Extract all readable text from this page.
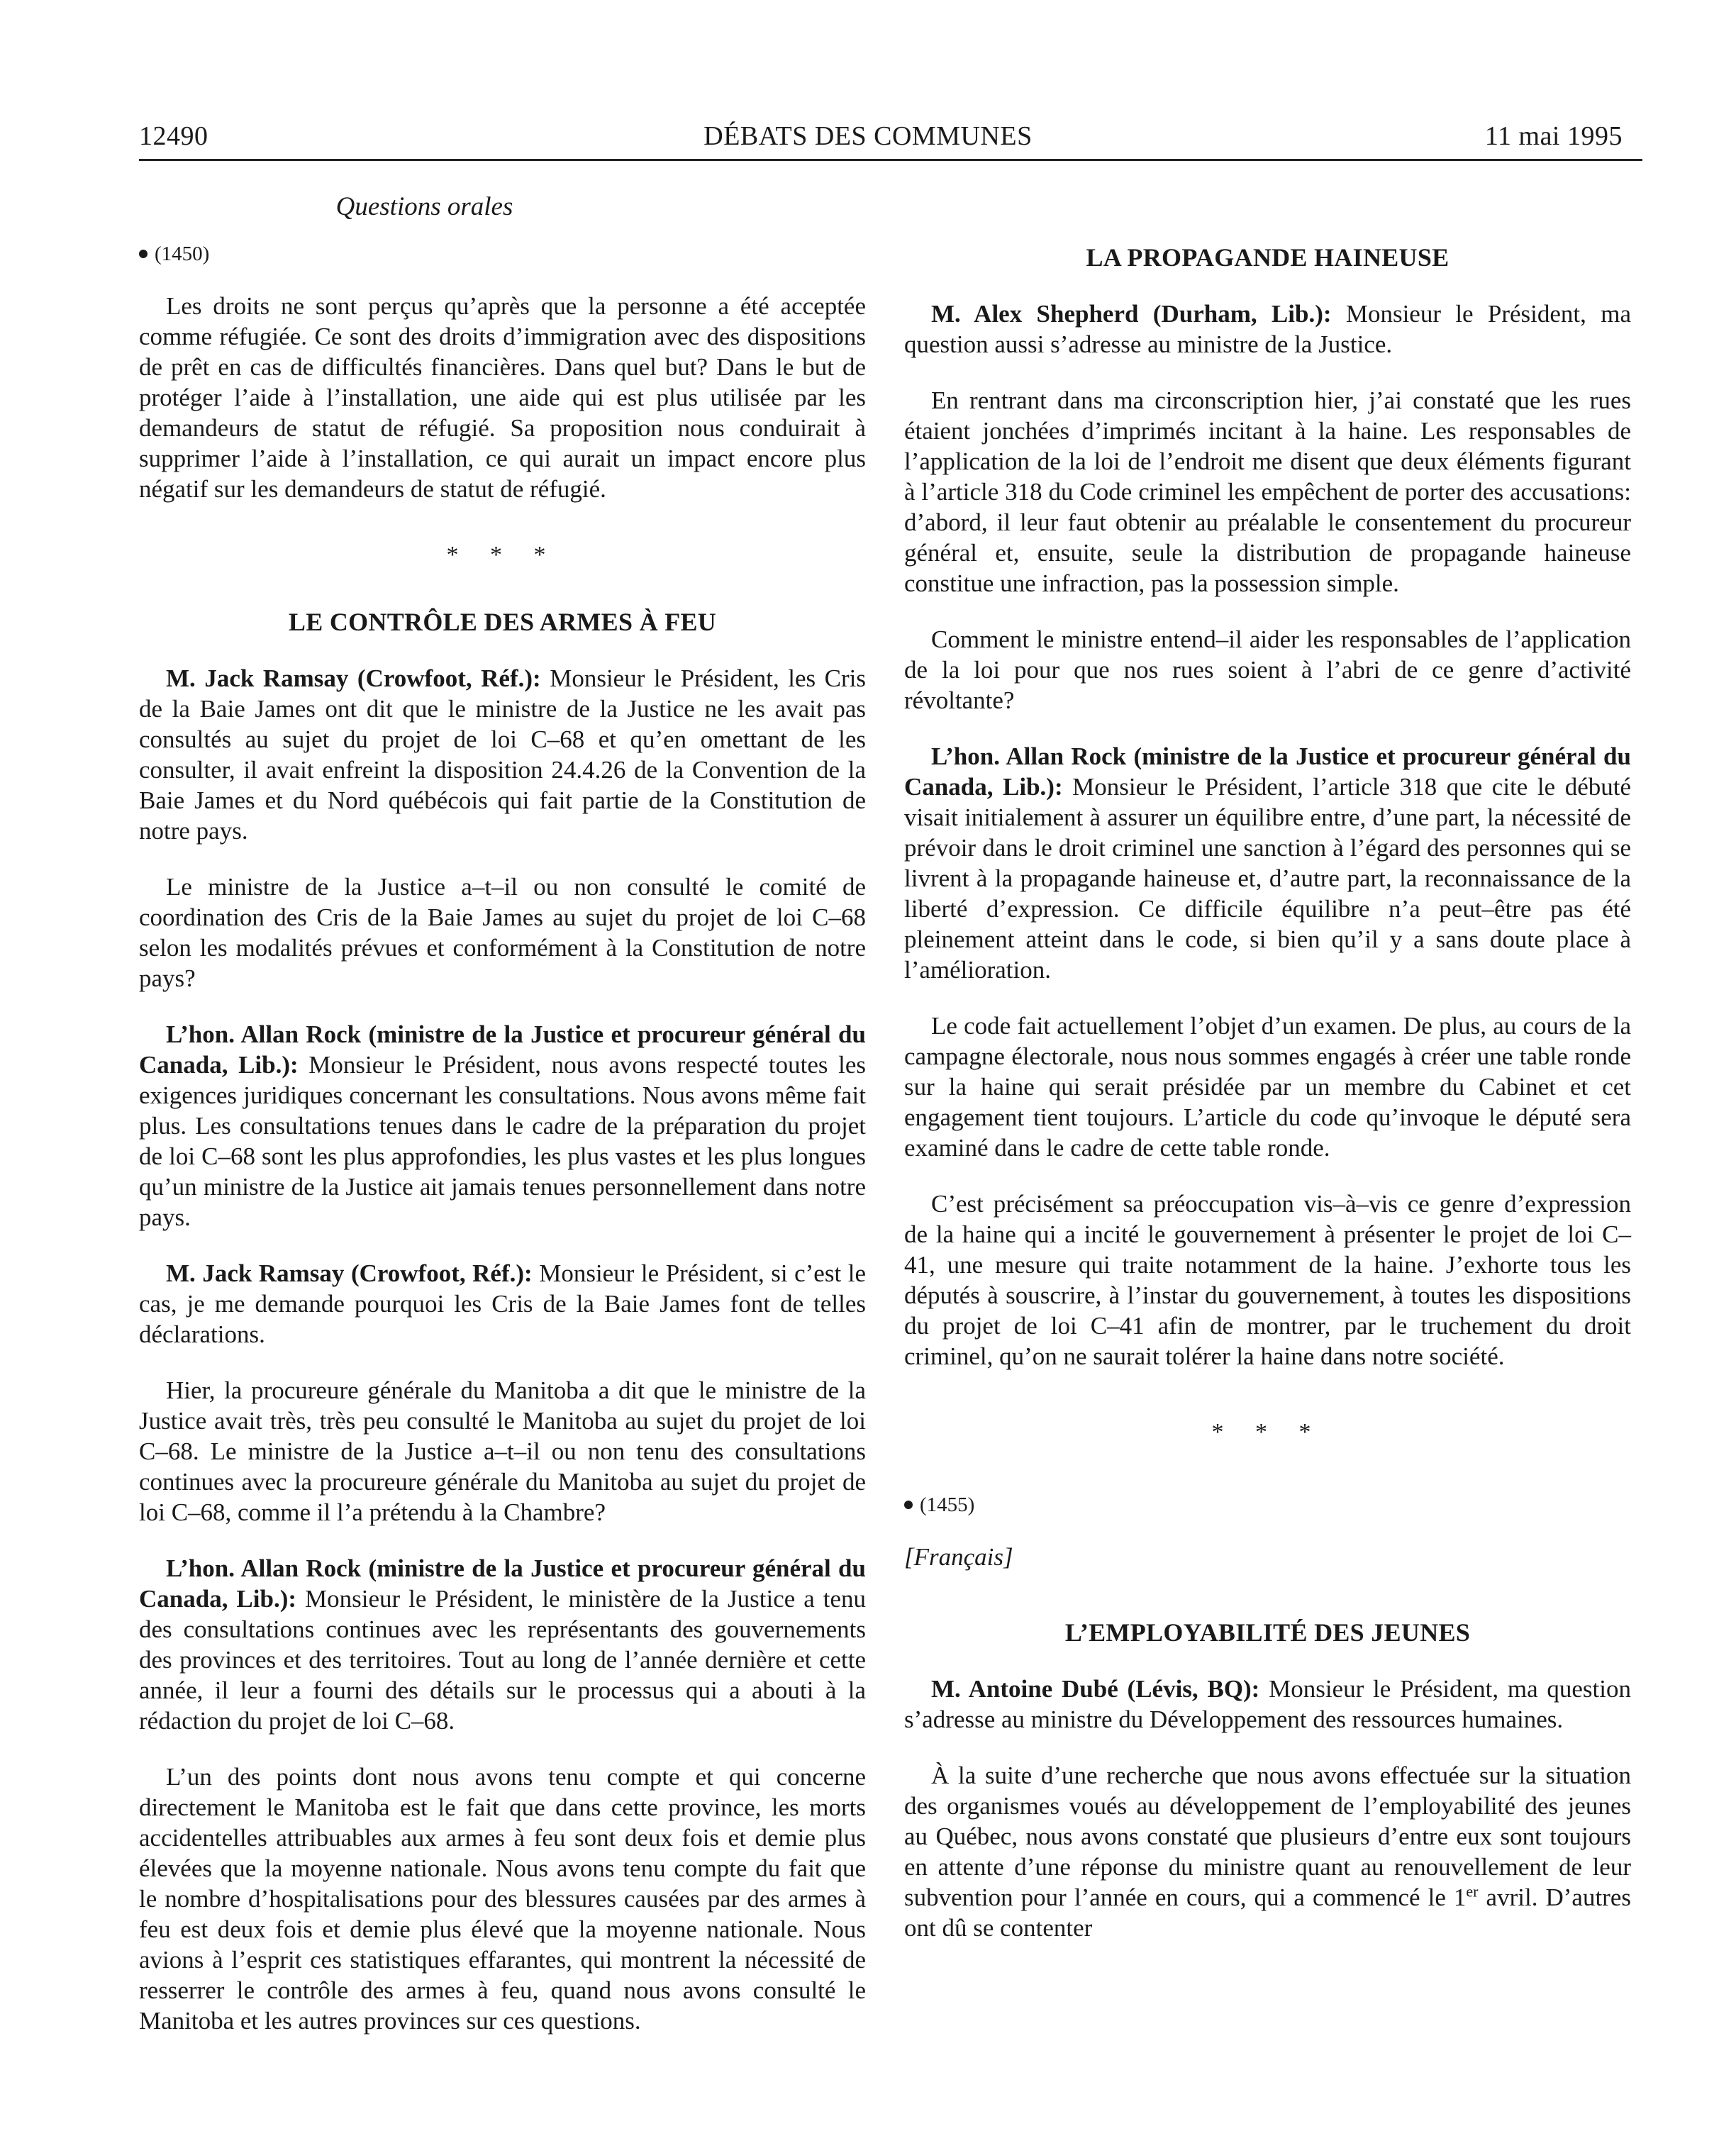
12490	DÉBATS DES COMMUNES	11 mai 1995
Questions orales
(1450)

Les droits ne sont perçus qu’après que la personne a été acceptée comme réfugiée. Ce sont des droits d’immigration avec des dispositions de prêt en cas de difficultés financières. Dans quel but? Dans le but de protéger l’aide à l’installation, une aide qui est plus utilisée par les demandeurs de statut de réfugié. Sa proposition nous conduirait à supprimer l’aide à l’installation, ce qui aurait un impact encore plus négatif sur les demandeurs de statut de réfugié.

* * *
LE CONTRÔLE DES ARMES À FEU

M. Jack Ramsay (Crowfoot, Réf.): Monsieur le Président, les Cris de la Baie James ont dit que le ministre de la Justice ne les avait pas consultés au sujet du projet de loi C–68 et qu’en omettant de les consulter, il avait enfreint la disposition 24.4.26 de la Convention de la Baie James et du Nord québécois qui fait partie de la Constitution de notre pays.

Le ministre de la Justice a–t–il ou non consulté le comité de coordination des Cris de la Baie James au sujet du projet de loi C–68 selon les modalités prévues et conformément à la Constitution de notre pays?

L’hon. Allan Rock (ministre de la Justice et procureur général du Canada, Lib.): Monsieur le Président, nous avons respecté toutes les exigences juridiques concernant les consultations. Nous avons même fait plus. Les consultations tenues dans le cadre de la préparation du projet de loi C–68 sont les plus approfondies, les plus vastes et les plus longues qu’un ministre de la Justice ait jamais tenues personnellement dans notre pays.

M. Jack Ramsay (Crowfoot, Réf.): Monsieur le Président, si c’est le cas, je me demande pourquoi les Cris de la Baie James font de telles déclarations.

Hier, la procureure générale du Manitoba a dit que le ministre de la Justice avait très, très peu consulté le Manitoba au sujet du projet de loi C–68. Le ministre de la Justice a–t–il ou non tenu des consultations continues avec la procureure générale du Manitoba au sujet du projet de loi C–68, comme il l’a prétendu à la Chambre?

L’hon. Allan Rock (ministre de la Justice et procureur général du Canada, Lib.): Monsieur le Président, le ministère de la Justice a tenu des consultations continues avec les représentants des gouvernements des provinces et des territoires. Tout au long de l’année dernière et cette année, il leur a fourni des détails sur le processus qui a abouti à la rédaction du projet de loi C–68.

L’un des points dont nous avons tenu compte et qui concerne directement le Manitoba est le fait que dans cette province, les morts accidentelles attribuables aux armes à feu sont deux fois et demie plus élevées que la moyenne nationale. Nous avons tenu compte du fait que le nombre d’hospitalisations pour des blessures causées par des armes à feu est deux fois et demie plus élevé que la moyenne nationale. Nous avions à l’esprit ces statistiques effarantes, qui montrent la nécessité de resserrer le contrôle des armes à feu, quand nous avons consulté le Manitoba et les autres provinces sur ces questions.

LA PROPAGANDE HAINEUSE

M. Alex Shepherd (Durham, Lib.): Monsieur le Président, ma question aussi s’adresse au ministre de la Justice.

En rentrant dans ma circonscription hier, j’ai constaté que les rues étaient jonchées d’imprimés incitant à la haine. Les responsables de l’application de la loi de l’endroit me disent que deux éléments figurant à l’article 318 du Code criminel les empêchent de porter des accusations: d’abord, il leur faut obtenir au préalable le consentement du procureur général et, ensuite, seule la distribution de propagande haineuse constitue une infraction, pas la possession simple.

Comment le ministre entend–il aider les responsables de l’application de la loi pour que nos rues soient à l’abri de ce genre d’activité révoltante?

L’hon. Allan Rock (ministre de la Justice et procureur général du Canada, Lib.): Monsieur le Président, l’article 318 que cite le débuté visait initialement à assurer un équilibre entre, d’une part, la nécessité de prévoir dans le droit criminel une sanction à l’égard des personnes qui se livrent à la propagande haineuse et, d’autre part, la reconnaissance de la liberté d’expression. Ce difficile équilibre n’a peut–être pas été pleinement atteint dans le code, si bien qu’il y a sans doute place à l’amélioration.

Le code fait actuellement l’objet d’un examen. De plus, au cours de la campagne électorale, nous nous sommes engagés à créer une table ronde sur la haine qui serait présidée par un membre du Cabinet et cet engagement tient toujours. L’article du code qu’invoque le député sera examiné dans le cadre de cette table ronde.

C’est précisément sa préoccupation vis–à–vis ce genre d’expression de la haine qui a incité le gouvernement à présenter le projet de loi C–41, une mesure qui traite notamment de la haine. J’exhorte tous les députés à souscrire, à l’instar du gouvernement, à toutes les dispositions du projet de loi C–41 afin de montrer, par le truchement du droit criminel, qu’on ne saurait tolérer la haine dans notre société.

* * *
(1455)
[Français]
L’EMPLOYABILITÉ DES JEUNES

M. Antoine Dubé (Lévis, BQ): Monsieur le Président, ma question s’adresse au ministre du Développement des ressources humaines.

À la suite d’une recherche que nous avons effectuée sur la situation des organismes voués au développement de l’employabilité des jeunes au Québec, nous avons constaté que plusieurs d’entre eux sont toujours en attente d’une réponse du ministre quant au renouvellement de leur subvention pour l’année en cours, qui a commencé le 1er avril. D’autres ont dû se contenter
